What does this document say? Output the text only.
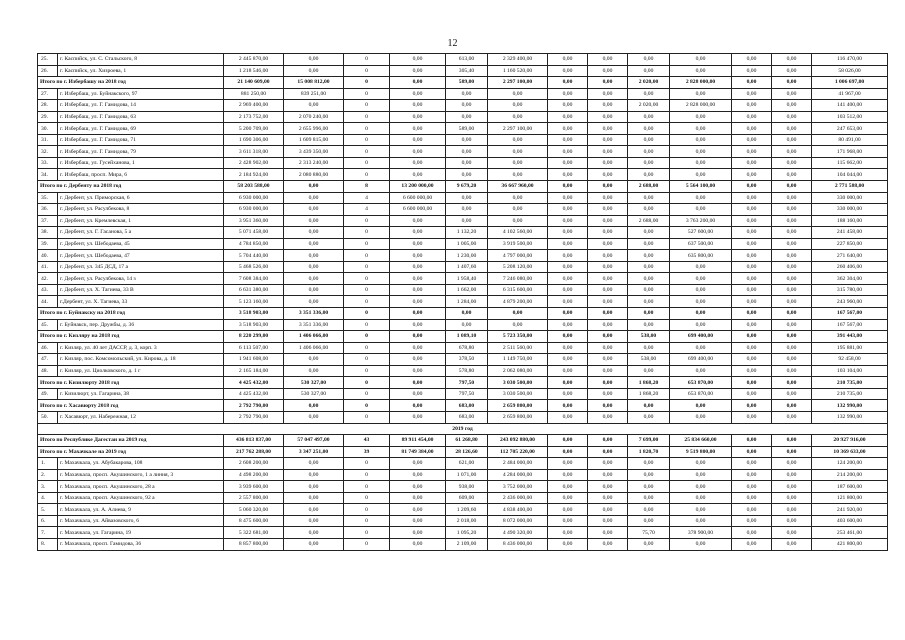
12
25.	г. Каспийск, ул. С. Стальского, 8	2 445 870,00	0,00	0	0,00	613,00	2 329 400,00	0,00	0,00	0,00	0,00	0,00	0,00	116 470,00
26.	г. Каспийск, ул. Хизроева, 1	1 218 546,00	0,00	0	0,00	305,40	1 160 520,00	0,00	0,00	0,00	0,00	0,00	0,00	58 026,00
Итого по г. Избербашу на 2018 год		21 140 609,00	15 008 812,00	0	0,00	589,00	2 297 100,00	0,00	0,00	2 020,00	2 828 000,00	0,00	0,00	1 006 697,00
27.	г. Избербаш, ул. Буйнакского, 97	881 250,00	839 251,00	0	0,00	0,00	0,00	0,00	0,00	0,00	0,00	0,00	0,00	41 967,00
28.	г. Избербаш, ул. Г. Гамидова, 14	2 969 400,00	0,00	0	0,00	0,00	0,00	0,00	0,00	2 020,00	2 828 000,00	0,00	0,00	141 400,00
29.	г. Избербаш, ул. Г. Гамидова, 63	2 173 752,00	2 070 240,00	0	0,00	0,00	0,00	0,00	0,00	0,00	0,00	0,00	0,00	103 512,00
30.	г. Избербаш, ул. Г. Гамидова, 69	5 200 709,00	2 655 996,00	0	0,00	589,00	2 297 100,00	0,00	0,00	0,00	0,00	0,00	0,00	247 653,00
31.	г. Избербаш, ул. Г. Гамидова, 71	1 690 306,00	1 609 815,00	0	0,00	0,00	0,00	0,00	0,00	0,00	0,00	0,00	0,00	80 491,00
32.	г. Избербаш, ул. Г. Гамидова, 79	3 611 318,00	3 439 350,00	0	0,00	0,00	0,00	0,00	0,00	0,00	0,00	0,00	0,00	171 968,00
33.	г. Избербаш, ул. Гусейханова, 1	2 428 902,00	2 313 240,00	0	0,00	0,00	0,00	0,00	0,00	0,00	0,00	0,00	0,00	115 662,00
34.	г. Избербаш, просп. Мира, 6	2 184 924,00	2 080 880,00	0	0,00	0,00	0,00	0,00	0,00	0,00	0,00	0,00	0,00	104 044,00
Итого по г. Дербенту на 2018 год		58 203 588,00	0,00	8	13 200 000,00	9 679,20	36 667 960,00	0,00	0,00	2 688,00	5 564 100,00	0,00	0,00	2 771 588,00
35.	г. Дербент, ул. Приморская, 6	6 930 000,00	0,00	4	6 600 000,00	0,00	0,00	0,00	0,00	0,00	0,00	0,00	0,00	330 000,00
36.	г. Дербент, ул. Расулбекова, 8	6 930 000,00	0,00	4	6 600 000,00	0,00	0,00	0,00	0,00	0,00	0,00	0,00	0,00	330 000,00
37.	г. Дербент, ул. Кремлевская, 1	3 951 360,00	0,00	0	0,00	0,00	0,00	0,00	0,00	2 688,00	3 763 200,00	0,00	0,00	188 160,00
38.	г. Дербент, ул. Г. Гасанова, 5 а	5 071 458,00	0,00	0	0,00	1 132,20	4 102 560,00	0,00	0,00	0,00	527 600,00	0,00	0,00	241 458,00
39.	г. Дербент, ул. Шебодаева, 45	4 784 850,00	0,00	0	0,00	1 005,00	3 919 500,00	0,00	0,00	0,00	637 500,00	0,00	0,00	227 850,00
40.	г. Дербент, ул. Шебодаева, 47	5 704 440,00	0,00	0	0,00	1 230,00	4 797 000,00	0,00	0,00	0,00	635 800,00	0,00	0,00	271 640,00
41.	г. Дербент, ул. 345 ДСД, 17 а	5 468 526,00	0,00	0	0,00	1 407,60	5 208 120,00	0,00	0,00	0,00	0,00	0,00	0,00	260 406,00
42.	г. Дербент, ул. Расулбекова, 14 з	7 608 384,00	0,00	0	0,00	1 958,40	7 246 080,00	0,00	0,00	0,00	0,00	0,00	0,00	362 304,00
43.	г. Дербент, ул. Х. Тагиева, 33 В	6 631 380,00	0,00	0	0,00	1 662,00	6 315 600,00	0,00	0,00	0,00	0,00	0,00	0,00	315 780,00
44.	г.Дербент, ул. Х. Тагиева, 33	5 123 160,00	0,00	0	0,00	1 284,00	4 879 200,00	0,00	0,00	0,00	0,00	0,00	0,00	243 960,00
Итого по г. Буйнакску на 2018 год		3 518 903,00	3 351 336,00	0	0,00	0,00	0,00	0,00	0,00	0,00	0,00	0,00	0,00	167 567,00
45.	г. Буйнакск, пер. Дружбы, д. 36	3 518 903,00	3 351 336,00	0	0,00	0,00	0,00	0,00	0,00	0,00	0,00	0,00	0,00	167 567,00
Итого по г. Кизляру на 2018 год		8 220 299,00	1 406 066,00	0	0,00	1 089,10	5 723 350,00	0,00	0,00	538,00	699 400,00	0,00	0,00	391 443,00
46.	г. Кизляр, ул. 40 лет ДАССР, д. 3, корп. 3	6 113 507,00	1 406 066,00	0	0,00	678,80	2 511 560,00	0,00	0,00	0,00	0,00	0,00	0,00	195 881,00
47.	г. Кизляр, пос. Комсомольский, ул. Кирова, д. 18	1 941 608,00	0,00	0	0,00	378,50	1 149 750,00	0,00	0,00	538,00	699 400,00	0,00	0,00	92 458,00
48.	г. Кизляр, ул. Циолковского, д. 1 г	2 165 184,00	0,00	0	0,00	578,80	2 062 080,00	0,00	0,00	0,00	0,00	0,00	0,00	103 104,00
Итого по г. Кизилюрту 2018 год		4 425 432,00	530 327,00	0	0,00	797,50	3 030 500,00	0,00	0,00	1 868,20	653 870,00	0,00	0,00	210 735,00
49.	г. Кизилюрт, ул. Гагарина, 38	4 425 432,00	530 327,00	0	0,00	797,50	3 030 500,00	0,00	0,00	1 868,20	653 870,00	0,00	0,00	210 735,00
Итого по г. Хасавюрту 2018 год		2 792 790,00	0,00	0	0,00	683,00	2 659 800,00	0,00	0,00	0,00	0,00	0,00	0,00	132 990,00
50.	г. Хасавюрт, ул. Набережная, 12	2 792 790,00	0,00	0	0,00	683,00	2 659 800,00	0,00	0,00	0,00	0,00	0,00	0,00	132 990,00
2019 год														
Итого по Республике Дагестан на 2019 год		436 813 837,00	57 047 497,00	43	89 911 454,00	61 268,80	243 092 880,00	0,00	0,00	7 699,00	25 834 660,00	0,00	0,00	20 927 916,00
Итого по г. Махачкале на 2019 год		217 762 288,00	3 347 251,00	39	81 749 384,00	28 126,60	112 705 220,00	0,00	0,00	1 820,70	9 519 800,00	0,00	0,00	10 369 633,00
1.	г. Махачкала, ул. Абубакарова, 108	2 608 200,00	0,00	0	0,00	621,00	2 484 000,00	0,00	0,00	0,00	0,00	0,00	0,00	124 200,00
2.	г. Махачкала, просп. Акушинского, 1 а линия, 3	4 498 200,00	0,00	0	0,00	1 071,00	4 284 000,00	0,00	0,00	0,00	0,00	0,00	0,00	214 200,00
3.	г. Махачкала, просп. Акушинского, 28 а	3 939 600,00	0,00	0	0,00	938,00	3 752 000,00	0,00	0,00	0,00	0,00	0,00	0,00	187 600,00
4.	г. Махачкала, просп. Акушинского, 92 а	2 557 800,00	0,00	0	0,00	609,00	2 436 000,00	0,00	0,00	0,00	0,00	0,00	0,00	121 800,00
5.	г. Махачкала, ул. А. Алиева, 9	5 060 320,00	0,00	0	0,00	1 209,60	4 838 400,00	0,00	0,00	0,00	0,00	0,00	0,00	241 920,00
6.	г. Махачкала, ул. Айвазовского, 6	8 475 600,00	0,00	0	0,00	2 018,00	8 072 000,00	0,00	0,00	0,00	0,00	0,00	0,00	403 600,00
7.	г. Махачкала, ул. Гагарина, 19	5 322 681,00	0,00	0	0,00	1 095,20	4 490 320,00	0,00	0,00	75,70	378 900,00	0,00	0,00	253 461,00
8.	г. Махачкала, просп. Гамидова, 36	8 857 800,00	0,00	0	0,00	2 109,00	8 436 000,00	0,00	0,00	0,00	0,00	0,00	0,00	421 800,00
